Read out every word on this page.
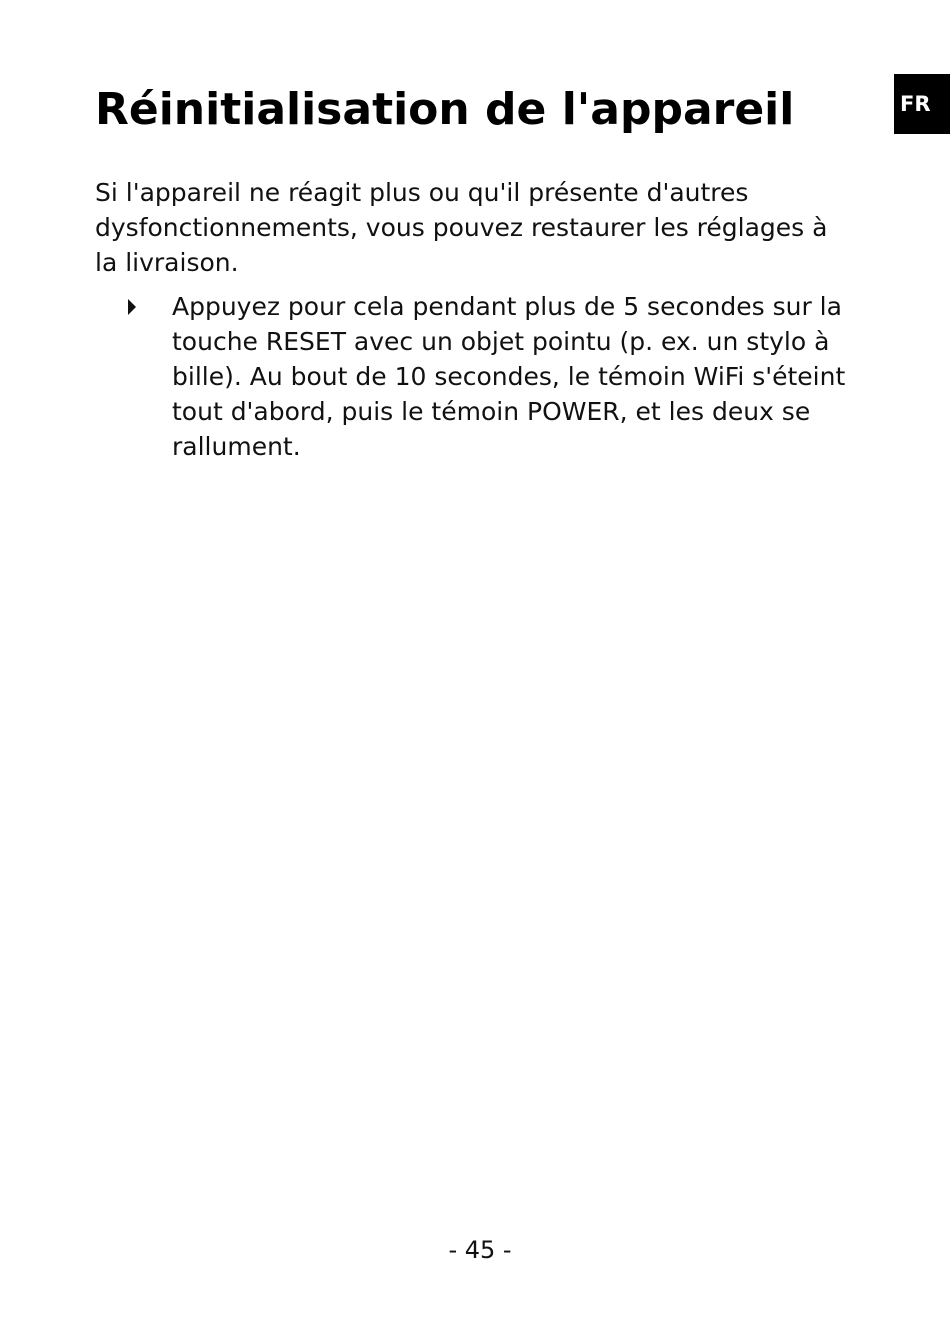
FR
Réinitialisation de l'appareil

Si l'appareil ne réagit plus ou qu'il présente d'autres dysfonctionnements, vous pouvez restaurer les réglages à la livraison.

Appuyez pour cela pendant plus de 5 secondes sur la touche RESET avec un objet pointu (p. ex. un stylo à bille). Au bout de 10 secondes, le témoin WiFi s'éteint tout d'abord, puis le témoin POWER, et les deux se rallument.

- 45 -
